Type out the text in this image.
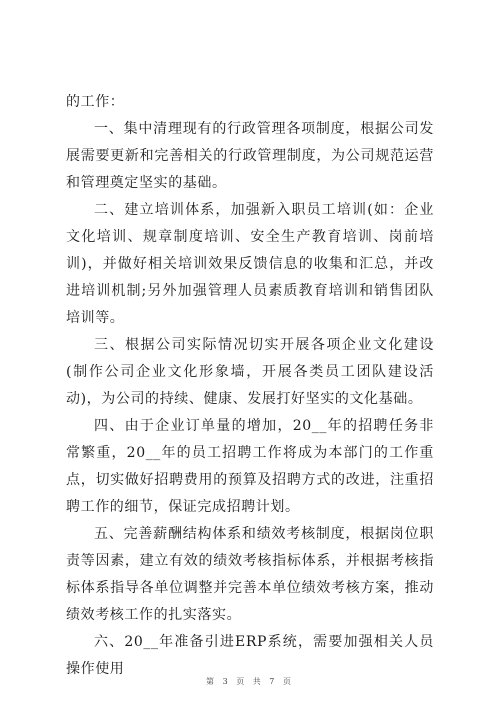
的工作：

一、集中清理现有的行政管理各项制度，根据公司发展需要更新和完善相关的行政管理制度，为公司规范运营和管理奠定坚实的基础。

二、建立培训体系，加强新入职员工培训(如：企业文化培训、规章制度培训、安全生产教育培训、岗前培训)，并做好相关培训效果反馈信息的收集和汇总，并改进培训机制;另外加强管理人员素质教育培训和销售团队培训等。

三、根据公司实际情况切实开展各项企业文化建设(制作公司企业文化形象墙，开展各类员工团队建设活动)，为公司的持续、健康、发展打好坚实的文化基础。

四、由于企业订单量的增加，20__年的招聘任务非常繁重，20__年的员工招聘工作将成为本部门的工作重点，切实做好招聘费用的预算及招聘方式的改进，注重招聘工作的细节，保证完成招聘计划。

五、完善薪酬结构体系和绩效考核制度，根据岗位职责等因素，建立有效的绩效考核指标体系，并根据考核指标体系指导各单位调整并完善本单位绩效考核方案，推动绩效考核工作的扎实落实。

六、20__年准备引进ERP系统，需要加强相关人员操作使用

第 3 页 共 7 页
